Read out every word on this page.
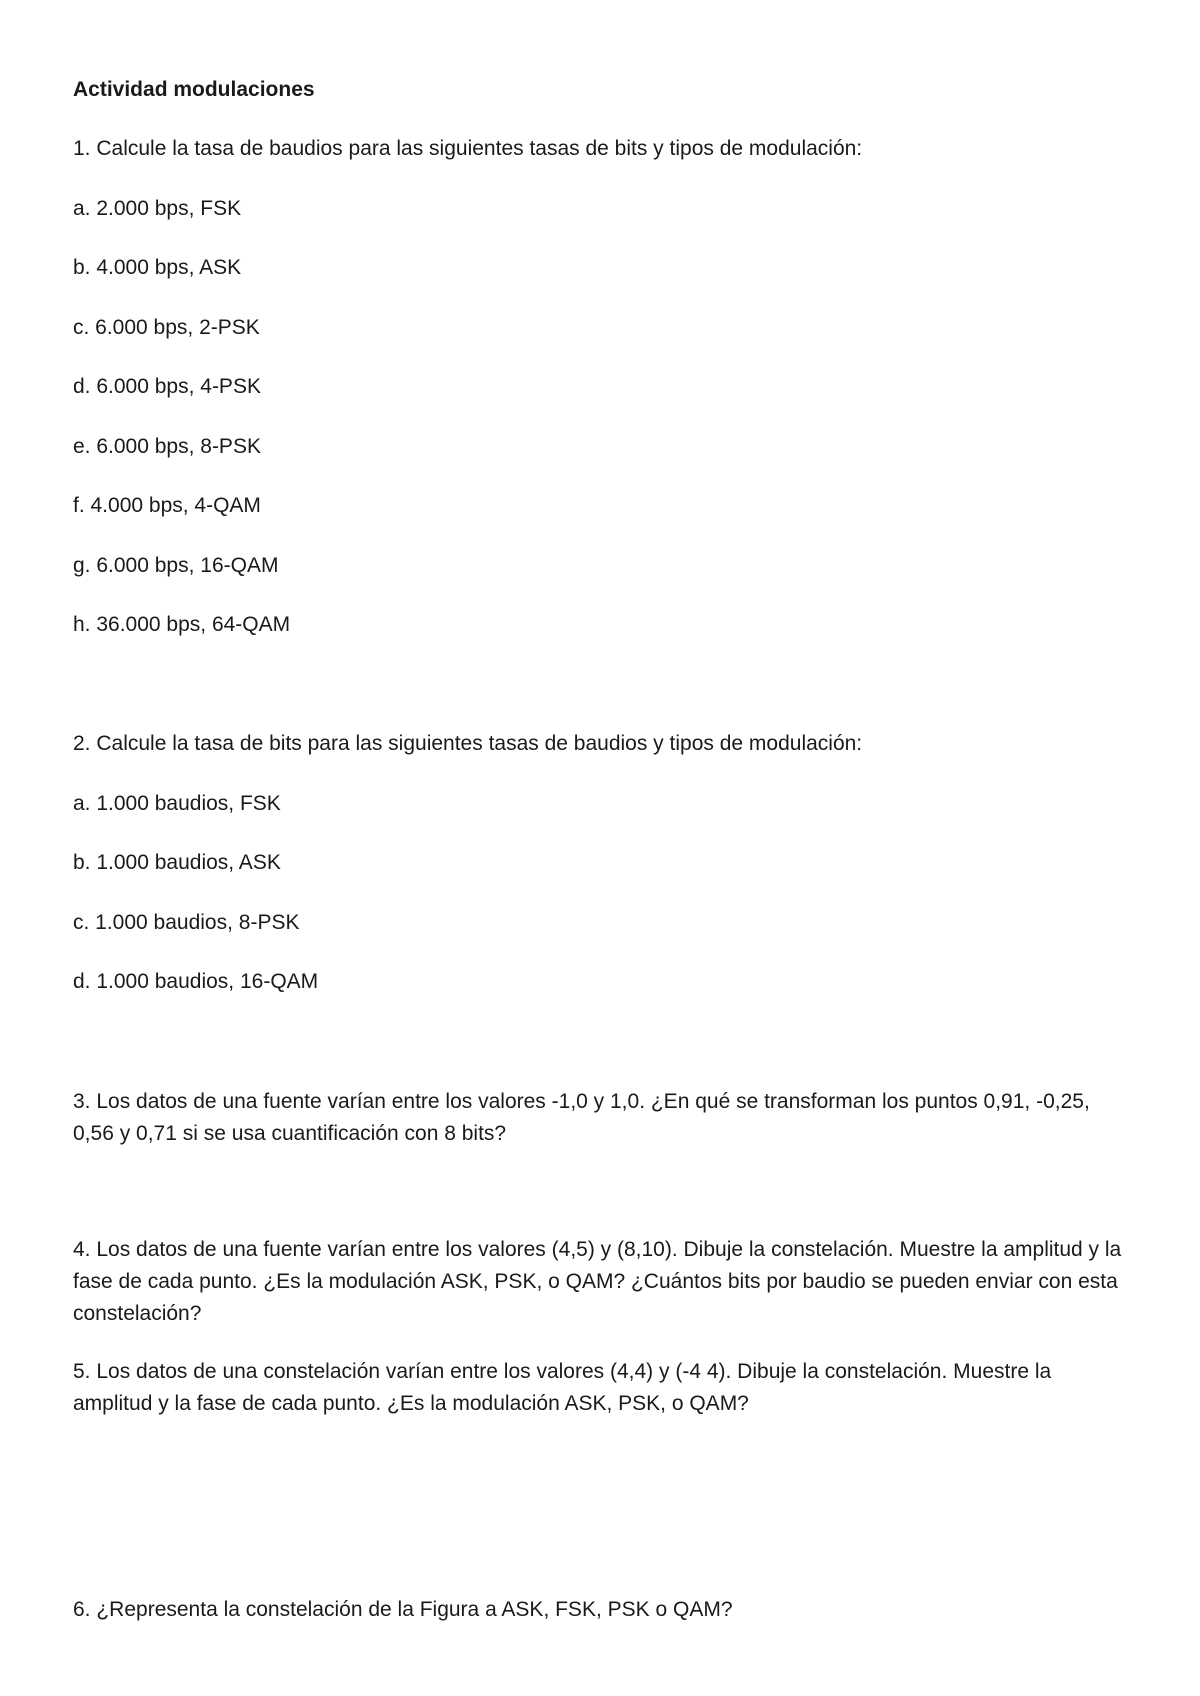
Actividad modulaciones

1. Calcule la tasa de baudios para las siguientes tasas de bits y tipos de modulación:

a. 2.000 bps, FSK

b. 4.000 bps, ASK

c. 6.000 bps, 2-PSK

d. 6.000 bps, 4-PSK

e. 6.000 bps, 8-PSK

f. 4.000 bps, 4-QAM

g. 6.000 bps, 16-QAM

h. 36.000 bps, 64-QAM

2. Calcule la tasa de bits para las siguientes tasas de baudios y tipos de modulación:

a. 1.000 baudios, FSK

b. 1.000 baudios, ASK

c. 1.000 baudios, 8-PSK

d. 1.000 baudios, 16-QAM

3. Los datos de una fuente varían entre los valores -1,0 y 1,0. ¿En qué se transforman los puntos 0,91, -0,25, 0,56 y 0,71 si se usa cuantificación con 8 bits?

4. Los datos de una fuente varían entre los valores (4,5) y (8,10). Dibuje la constelación. Muestre la amplitud y la fase de cada punto. ¿Es la modulación ASK, PSK, o QAM? ¿Cuántos bits por baudio se pueden enviar con esta constelación?

5. Los datos de una constelación varían entre los valores (4,4) y (-4 4). Dibuje la constelación. Muestre la amplitud y la fase de cada punto. ¿Es la modulación ASK, PSK, o QAM?

6. ¿Representa la constelación de la Figura a ASK, FSK, PSK o QAM?
